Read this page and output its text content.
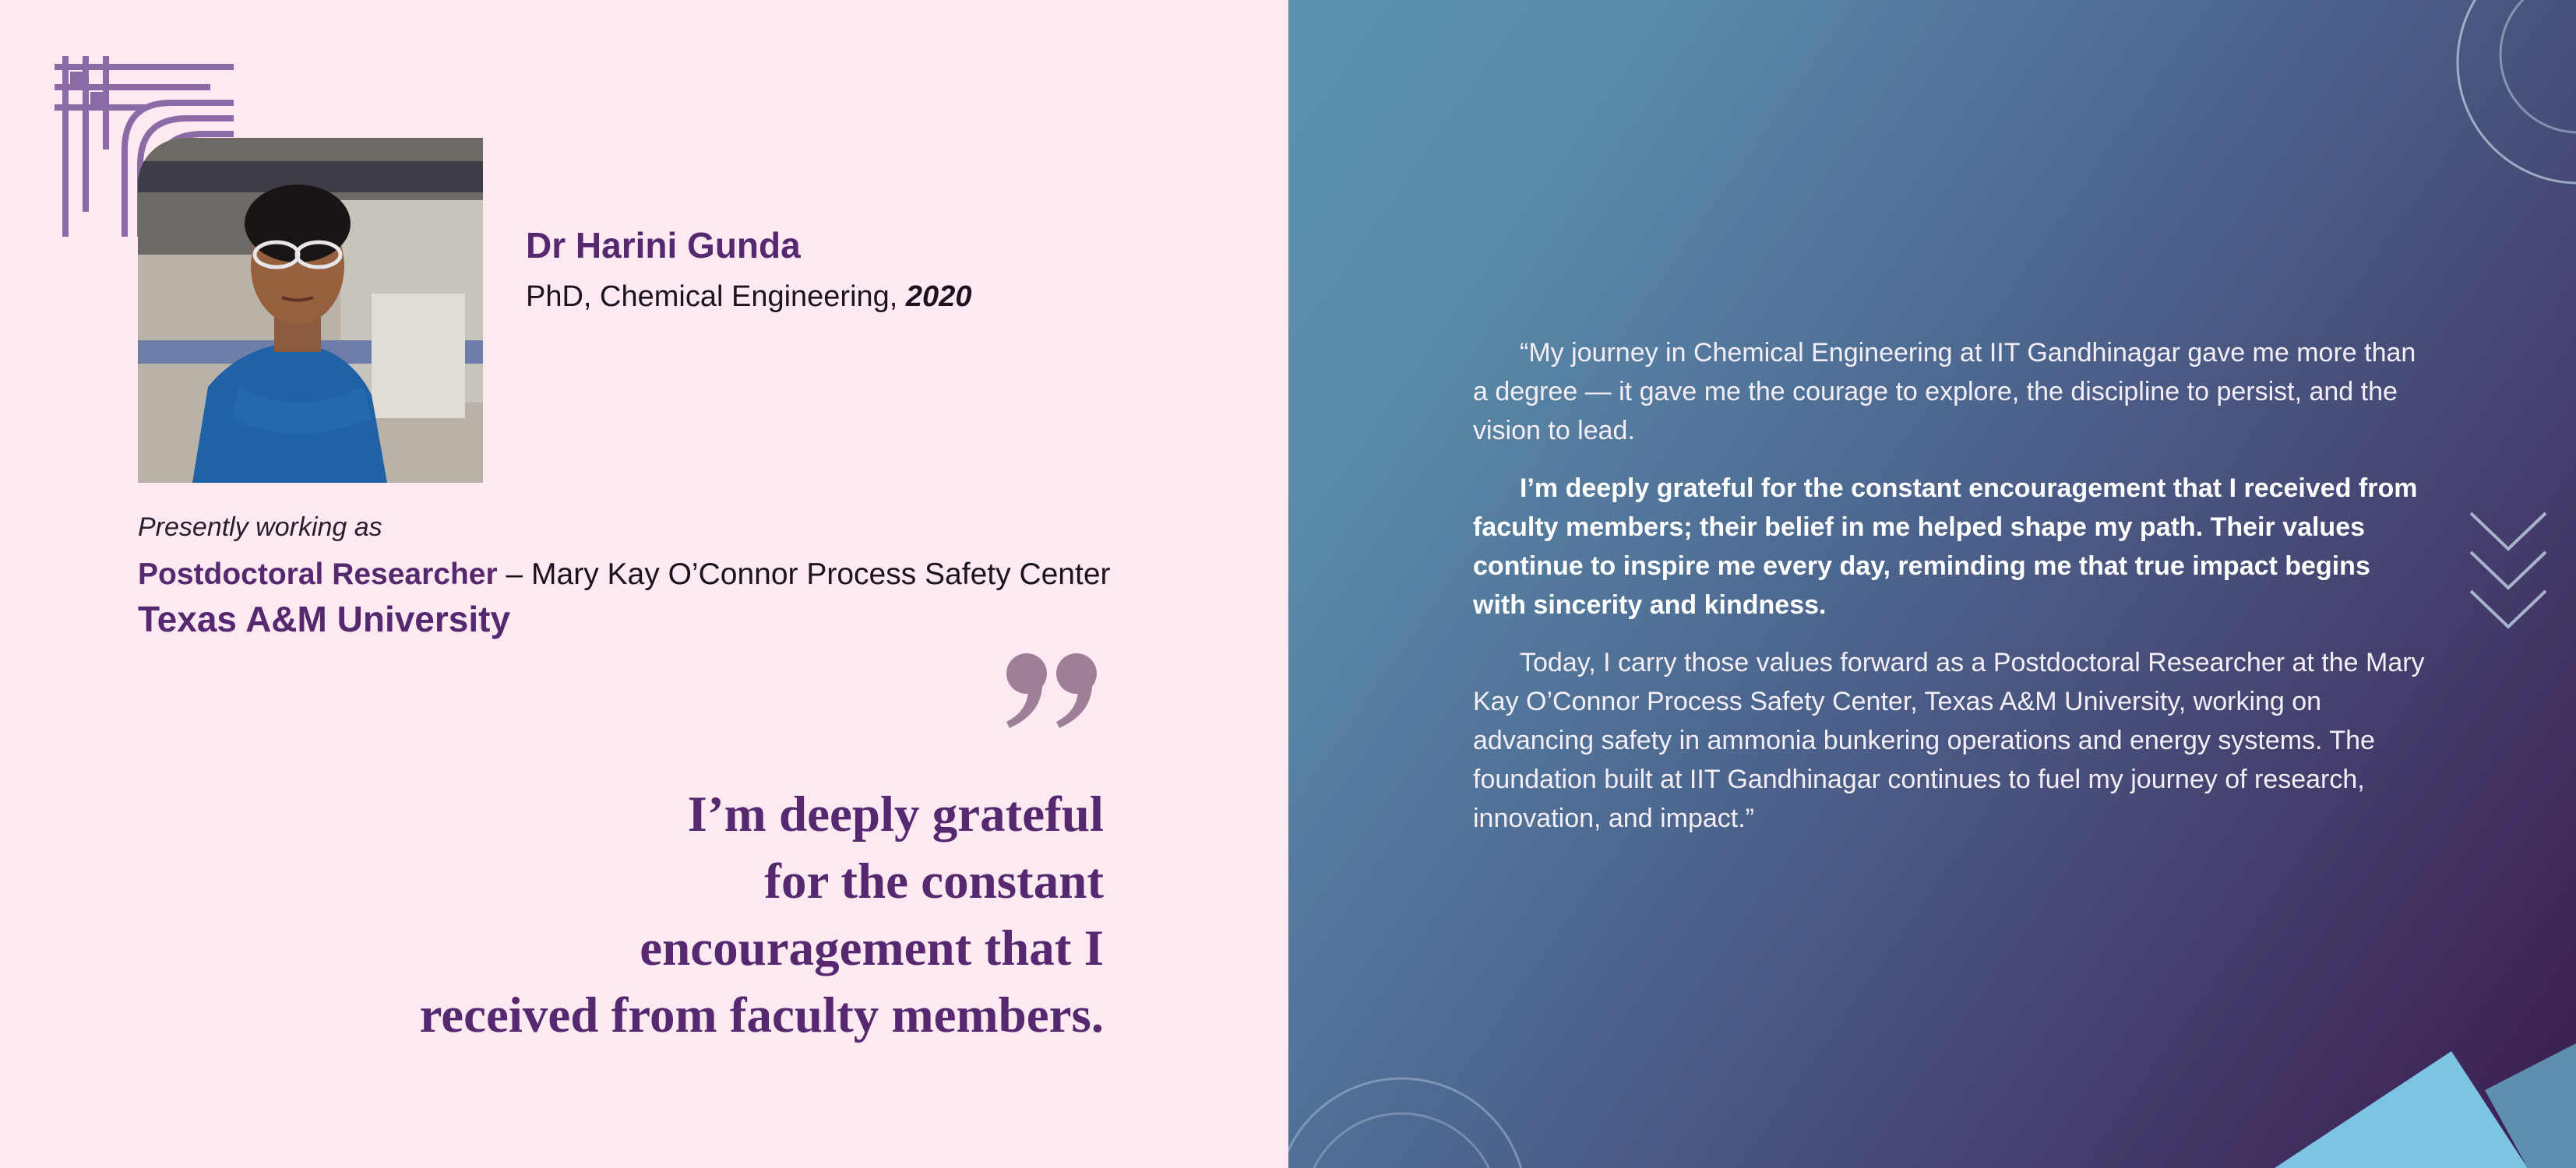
Dr Harini Gunda
PhD, Chemical Engineering, 2020
Presently working as
Postdoctoral Researcher – Mary Kay O’Connor Process Safety Center
Texas A&M University
I’m deeply grateful
for the constant
encouragement that I
received from faculty members.

“My journey in Chemical Engineering at IIT Gandhinagar gave me more than a degree — it gave me the courage to explore, the discipline to persist, and the vision to lead.

I’m deeply grateful for the constant encouragement that I received from faculty members; their belief in me helped shape my path. Their values continue to inspire me every day, reminding me that true impact begins with sincerity and kindness.

Today, I carry those values forward as a Postdoctoral Researcher at the Mary Kay O’Connor Process Safety Center, Texas A&M University, working on advancing safety in ammonia bunkering operations and energy systems. The foundation built at IIT Gandhinagar continues to fuel my journey of research, innovation, and impact.”
